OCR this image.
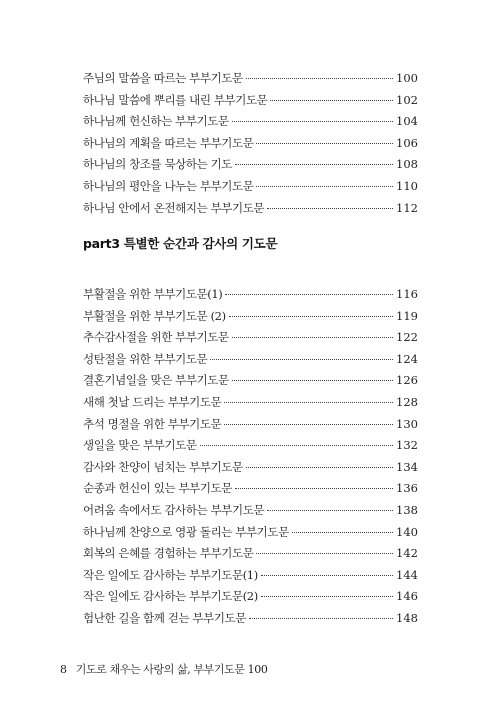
주님의 말씀을 따르는 부부기도문	100
하나님 말씀에 뿌리를 내린 부부기도문	102
하나님께 헌신하는 부부기도문	104
하나님의 계획을 따르는 부부기도문	106
하나님의 창조를 묵상하는 기도	108
하나님의 평안을 나누는 부부기도문	110
하나님 안에서 온전해지는 부부기도문	112
part3 특별한 순간과 감사의 기도문
부활절을 위한 부부기도문(1)	116
부활절을 위한 부부기도문 (2)	119
추수감사절을 위한 부부기도문	122
성탄절을 위한 부부기도문	124
결혼기념일을 맞은 부부기도문	126
새해 첫날 드리는 부부기도문	128
추석 명절을 위한 부부기도문	130
생일을 맞은 부부기도문	132
감사와 찬양이 넘치는 부부기도문	134
순종과 헌신이 있는 부부기도문	136
어려움 속에서도 감사하는 부부기도문	138
하나님께 찬양으로 영광 돌리는 부부기도문	140
회복의 은혜를 경험하는 부부기도문	142
작은 일에도 감사하는 부부기도문(1)	144
작은 일에도 감사하는 부부기도문(2)	146
험난한 길을 함께 걷는 부부기도문	148
8 기도로 채우는 사랑의 삶, 부부기도문 100
